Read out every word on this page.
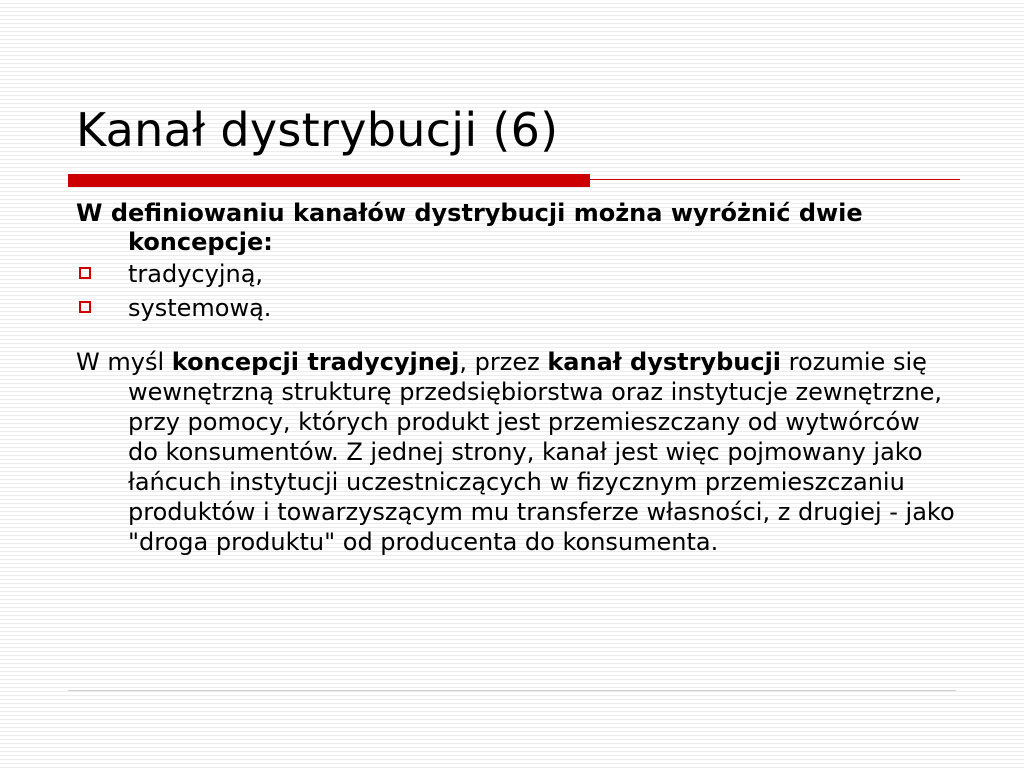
Kanał dystrybucji (6)

W definiowaniu kanałów dystrybucji można wyróżnić dwie koncepcje:

tradycyjną,
systemową.

W myśl koncepcji tradycyjnej, przez kanał dystrybucji rozumie się wewnętrzną strukturę przedsiębiorstwa oraz instytucje zewnętrzne, przy pomocy, których produkt jest przemieszczany od wytwórców do konsumentów. Z jednej strony, kanał jest więc pojmowany jako łańcuch instytucji uczestniczących w fizycznym przemieszczaniu produktów i towarzyszącym mu transferze własności, z drugiej - jako "droga produktu" od producenta do konsumenta.
